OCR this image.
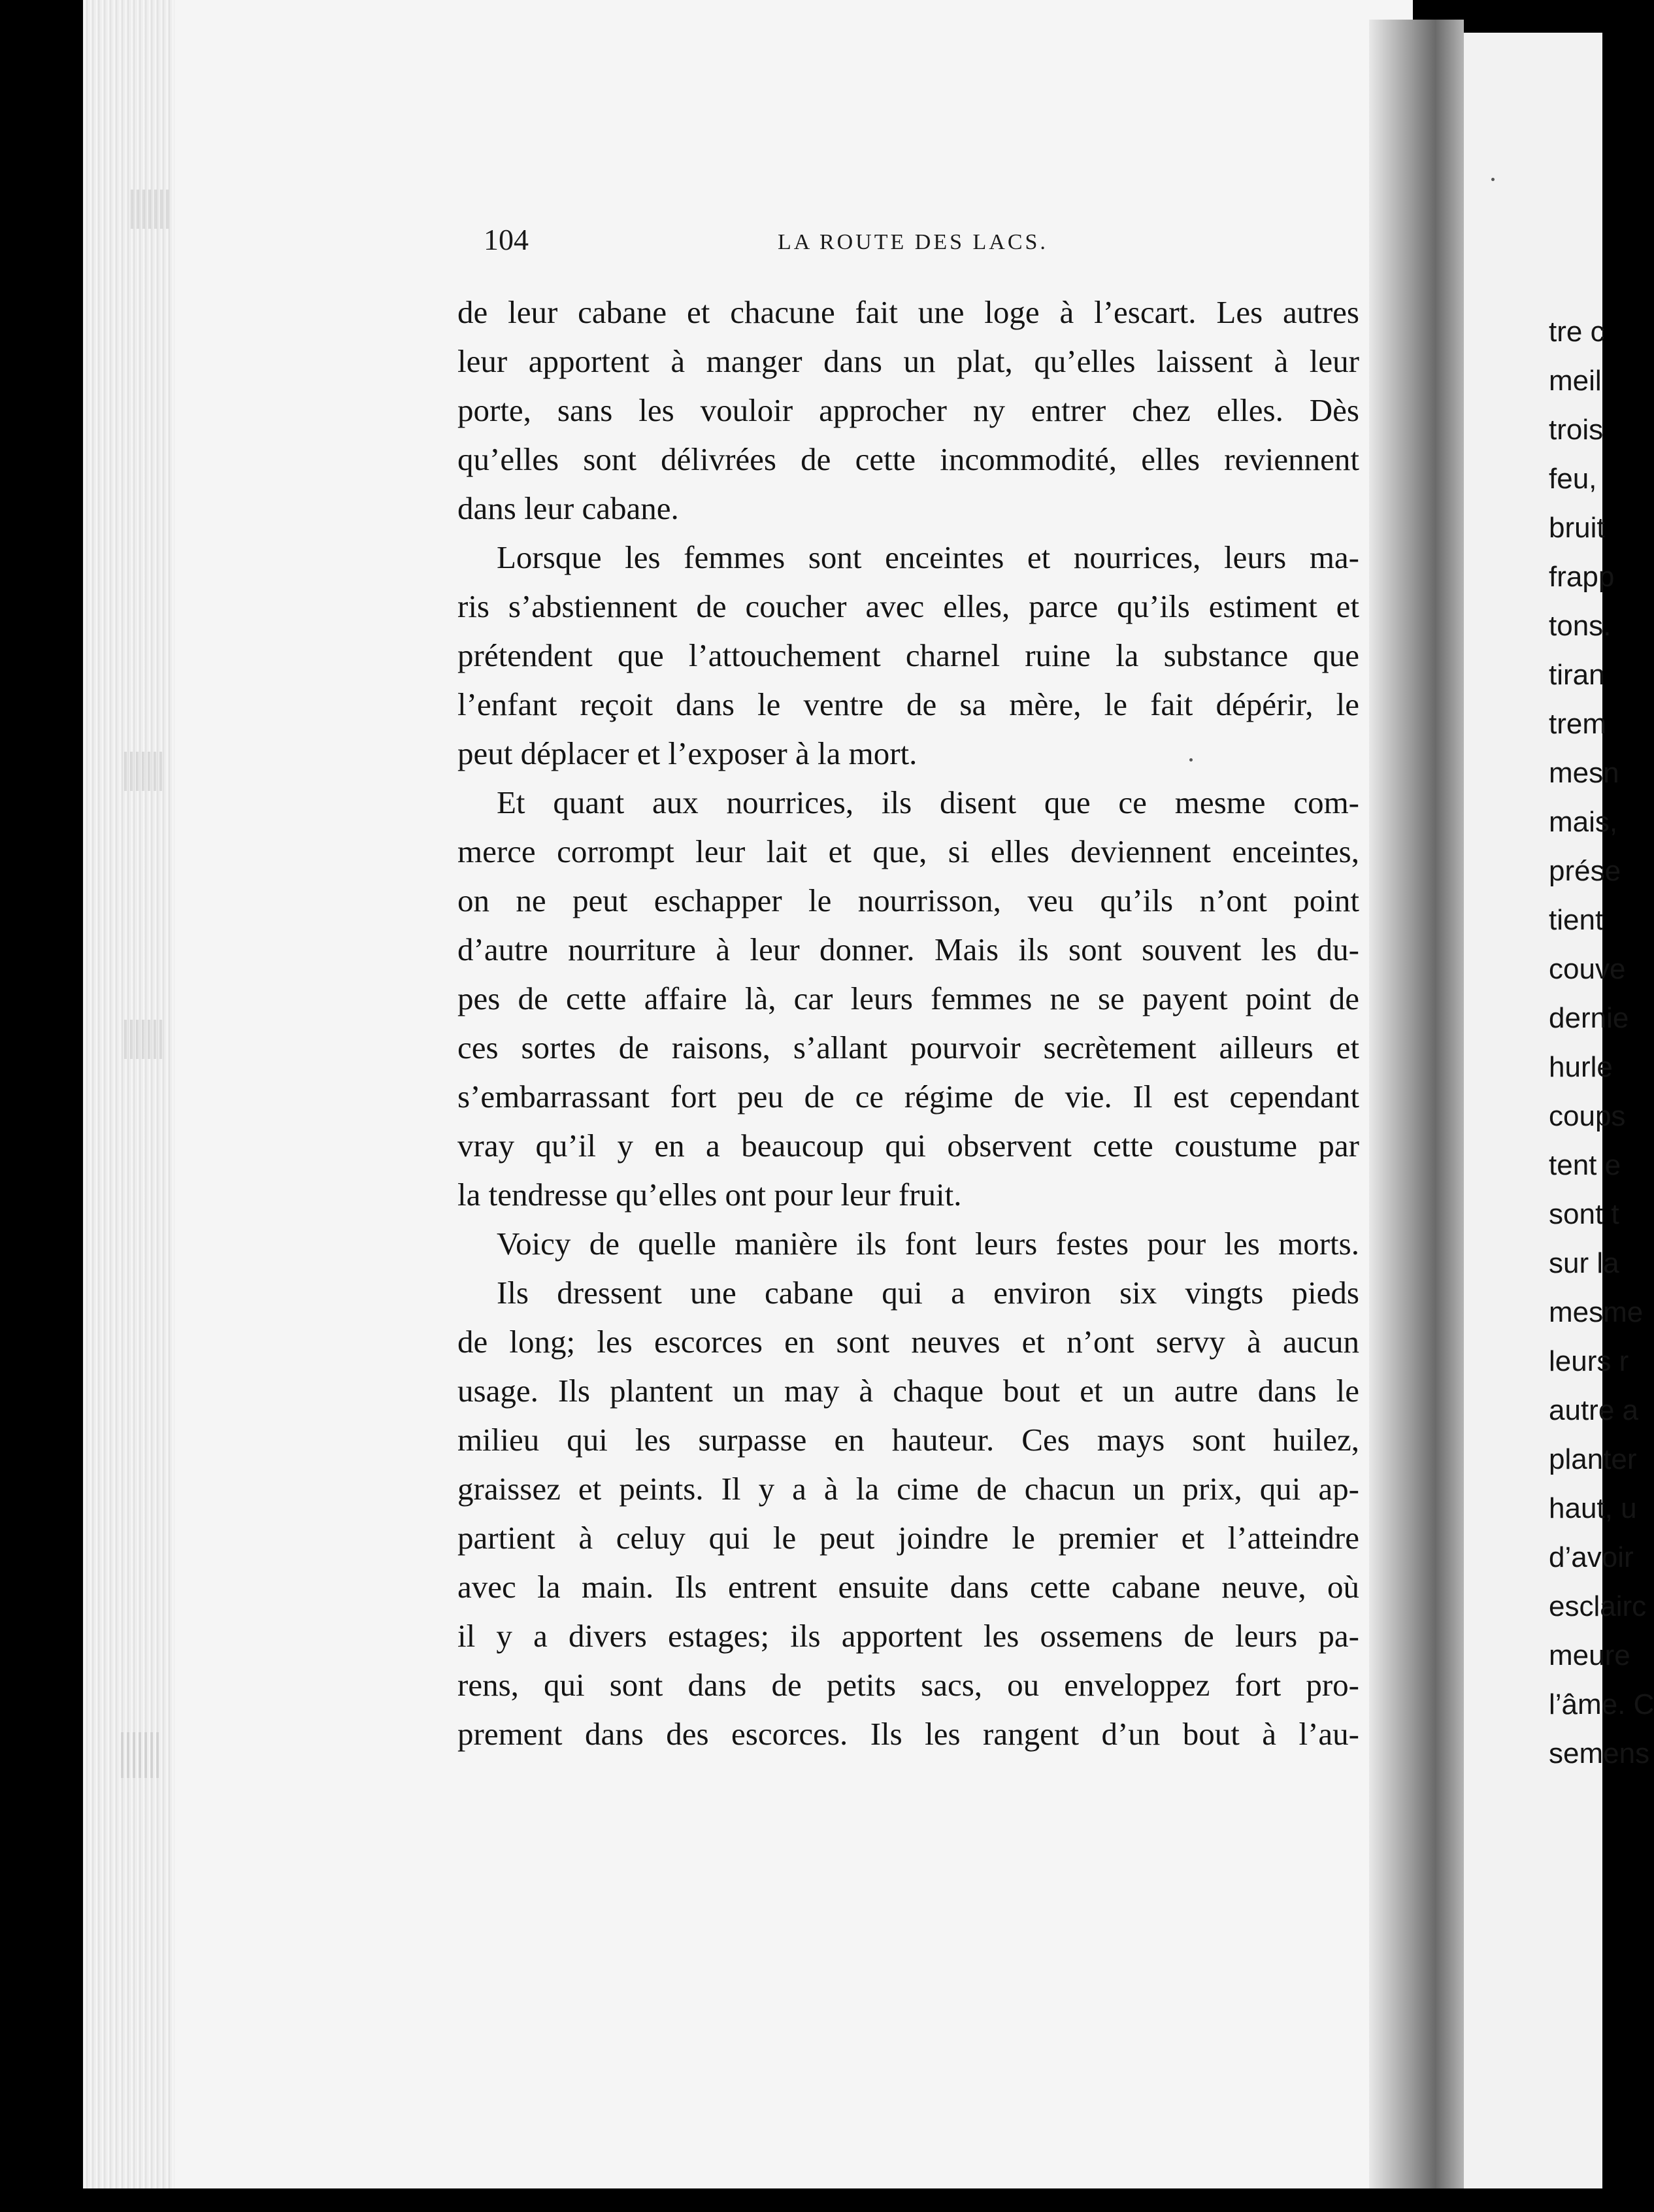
104	LA ROUTE DES LACS.
de leur cabane et chacune fait une loge à l’escart. Les autres
leur apportent à manger dans un plat, qu’elles laissent à leur
porte, sans les vouloir approcher ny entrer chez elles. Dès
qu’elles sont délivrées de cette incommodité, elles reviennent
dans leur cabane.
Lorsque les femmes sont enceintes et nourrices, leurs ma-
ris s’abstiennent de coucher avec elles, parce qu’ils estiment et
prétendent que l’attouchement charnel ruine la substance que
l’enfant reçoit dans le ventre de sa mère, le fait dépérir, le
peut déplacer et l’exposer à la mort.
Et quant aux nourrices, ils disent que ce mesme com-
merce corrompt leur lait et que, si elles deviennent enceintes,
on ne peut eschapper le nourrisson, veu qu’ils n’ont point
d’autre nourriture à leur donner. Mais ils sont souvent les du-
pes de cette affaire là, car leurs femmes ne se payent point de
ces sortes de raisons, s’allant pourvoir secrètement ailleurs et
s’embarrassant fort peu de ce régime de vie. Il est cependant
vray qu’il y en a beaucoup qui observent cette coustume par
la tendresse qu’elles ont pour leur fruit.
Voicy de quelle manière ils font leurs festes pour les morts.
Ils dressent une cabane qui a environ six vingts pieds
de long; les escorces en sont neuves et n’ont servy à aucun
usage. Ils plantent un may à chaque bout et un autre dans le
milieu qui les surpasse en hauteur. Ces mays sont huilez,
graissez et peints. Il y a à la cime de chacun un prix, qui ap-
partient à celuy qui le peut joindre le premier et l’atteindre
avec la main. Ils entrent ensuite dans cette cabane neuve, où
il y a divers estages; ils apportent les ossemens de leurs pa-
rens, qui sont dans de petits sacs, ou enveloppez fort pro-
prement dans des escorces. Ils les rangent d’un bout à l’au-
tre c
meil
trois
feu,
bruit
frapp
tons.
tiran
trem
mesn
mais,
prése
tient
couve
dernie
hurle
coups
tent e
sont t
sur la
mesme
leurs r
autre a
planter
haut, u
d’avoir
esclairc
meure
l’âme. C
semens
